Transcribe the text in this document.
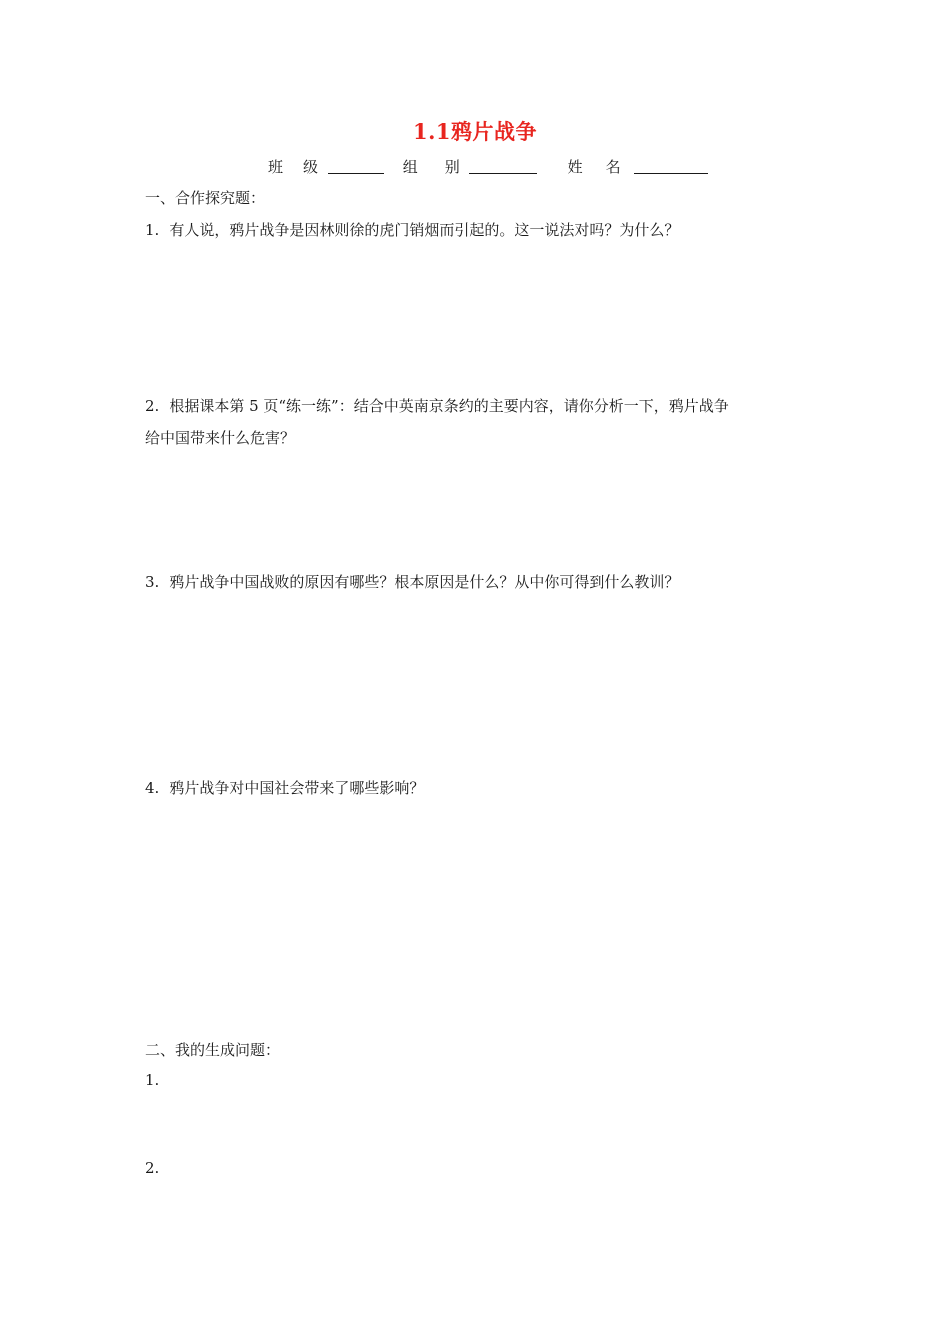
1.1鸦片战争
班级	组别	姓名
一、合作探究题：
1. 有人说，鸦片战争是因林则徐的虎门销烟而引起的。这一说法对吗？为什么？
2. 根据课本第 5 页“练一练”：结合中英南京条约的主要内容，请你分析一下，鸦片战争
给中国带来什么危害？
3. 鸦片战争中国战败的原因有哪些？根本原因是什么？从中你可得到什么教训？
4. 鸦片战争对中国社会带来了哪些影响？
二、我的生成问题：
1.
2.
